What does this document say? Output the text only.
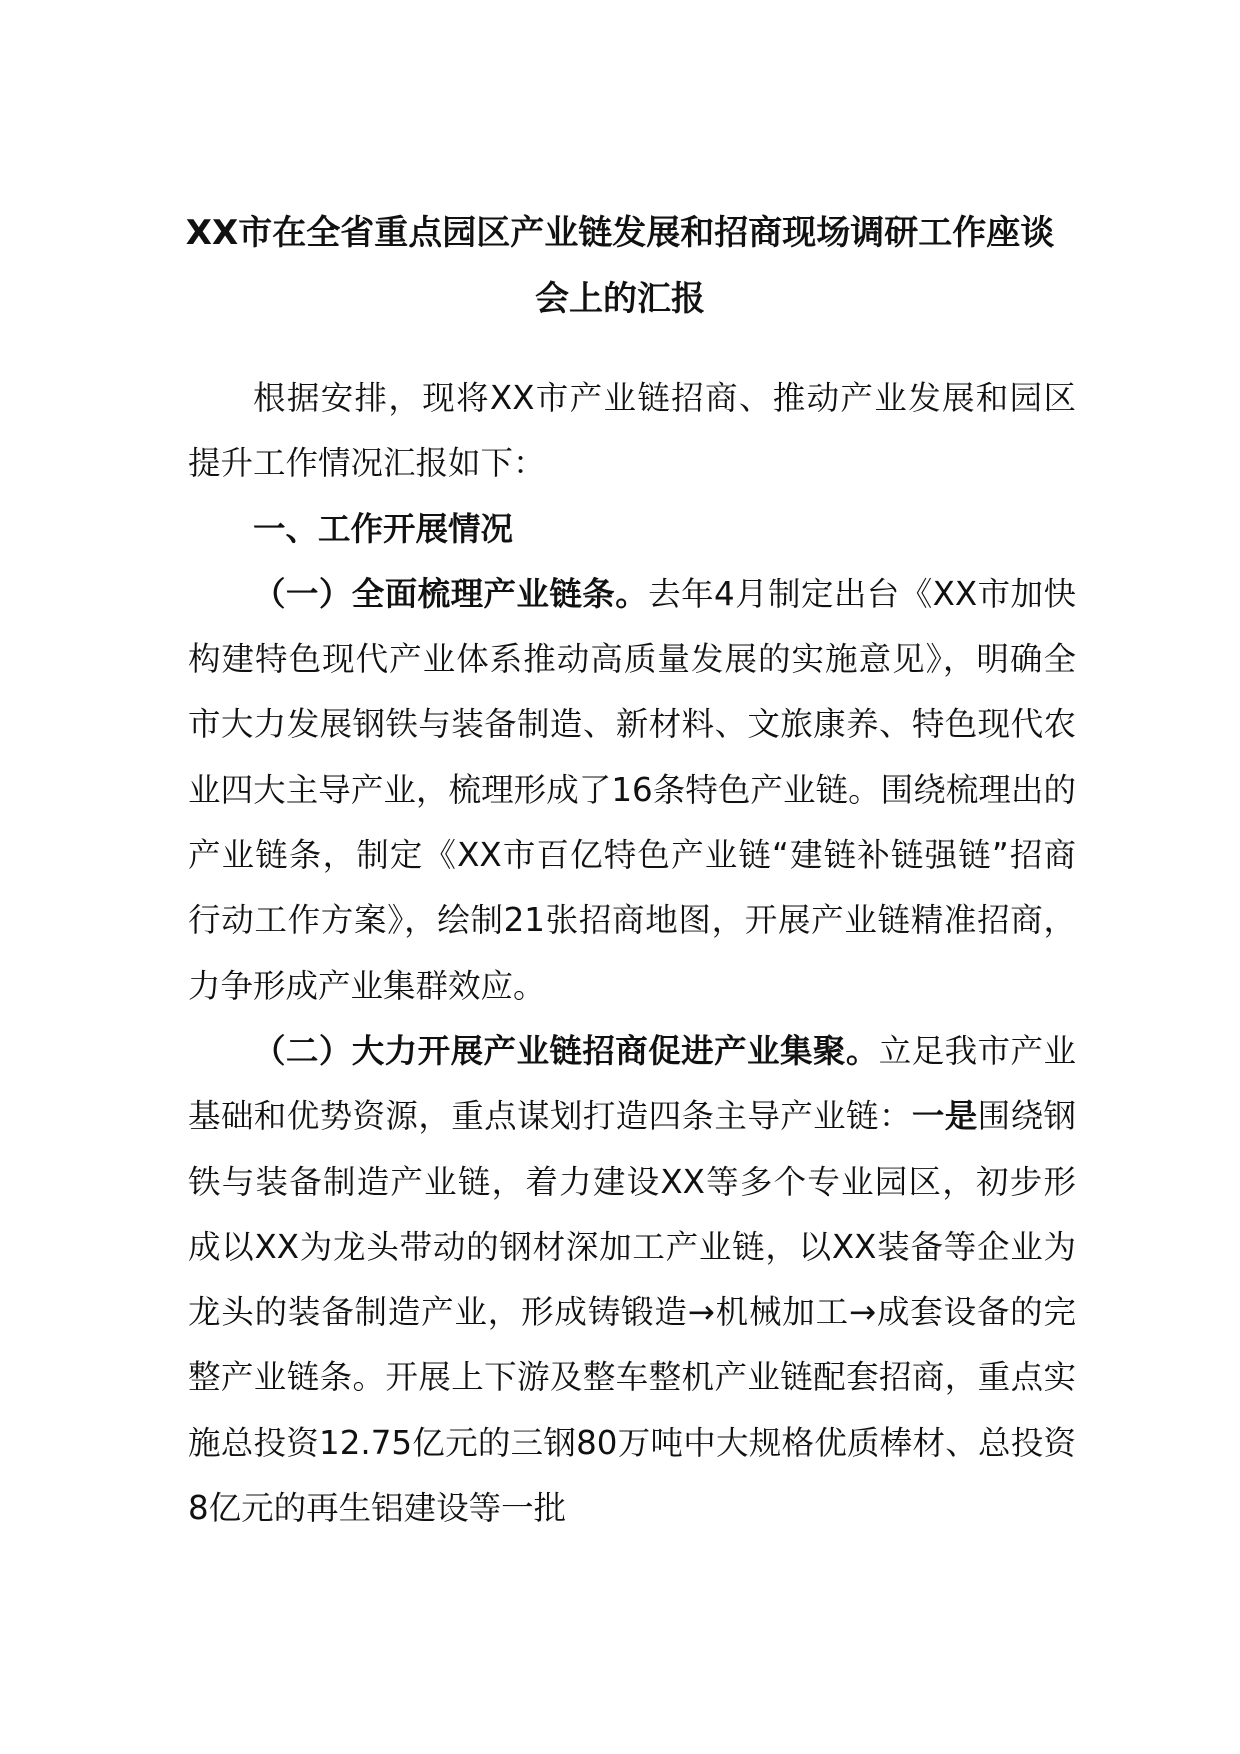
XX市在全省重点园区产业链发展和招商现场调研工作座谈会上的汇报

根据安排，现将XX市产业链招商、推动产业发展和园区提升工作情况汇报如下：

一、工作开展情况

（一）全面梳理产业链条。去年4月制定出台《XX市加快构建特色现代产业体系推动高质量发展的实施意见》，明确全市大力发展钢铁与装备制造、新材料、文旅康养、特色现代农业四大主导产业，梳理形成了16条特色产业链。围绕梳理出的产业链条，制定《XX市百亿特色产业链“建链补链强链”招商行动工作方案》，绘制21张招商地图，开展产业链精准招商，力争形成产业集群效应。

（二）大力开展产业链招商促进产业集聚。立足我市产业基础和优势资源，重点谋划打造四条主导产业链：一是围绕钢铁与装备制造产业链，着力建设XX等多个专业园区，初步形成以XX为龙头带动的钢材深加工产业链，以XX装备等企业为龙头的装备制造产业，形成铸锻造→机械加工→成套设备的完整产业链条。开展上下游及整车整机产业链配套招商，重点实施总投资12.75亿元的三钢80万吨中大规格优质棒材、总投资8亿元的再生铝建设等一批
